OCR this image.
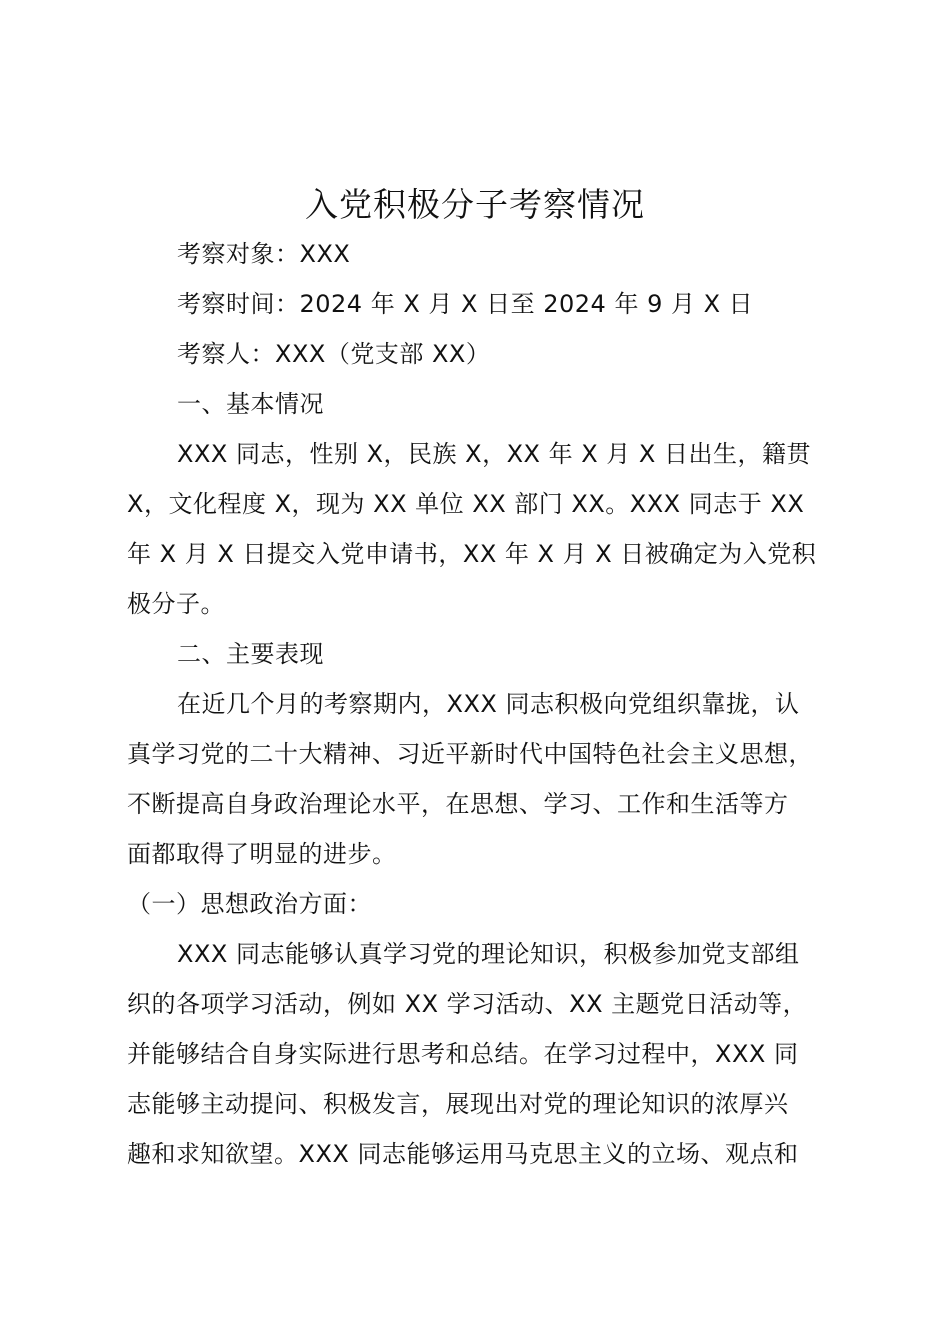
入党积极分子考察情况
考察对象：XXX
考察时间：2024 年 X 月 X 日至 2024 年 9 月 X 日
考察人：XXX（党支部 XX）
一、基本情况
XXX 同志，性别 X，民族 X，XX 年 X 月 X 日出生，籍贯
X，文化程度 X，现为 XX 单位 XX 部门 XX。XXX 同志于 XX
年 X 月 X 日提交入党申请书，XX 年 X 月 X 日被确定为入党积
极分子。
二、主要表现
在近几个月的考察期内，XXX 同志积极向党组织靠拢，认
真学习党的二十大精神、习近平新时代中国特色社会主义思想，
不断提高自身政治理论水平，在思想、学习、工作和生活等方
面都取得了明显的进步。
（一）思想政治方面：
XXX 同志能够认真学习党的理论知识，积极参加党支部组
织的各项学习活动，例如 XX 学习活动、XX 主题党日活动等，
并能够结合自身实际进行思考和总结。在学习过程中，XXX 同
志能够主动提问、积极发言，展现出对党的理论知识的浓厚兴
趣和求知欲望。XXX 同志能够运用马克思主义的立场、观点和
